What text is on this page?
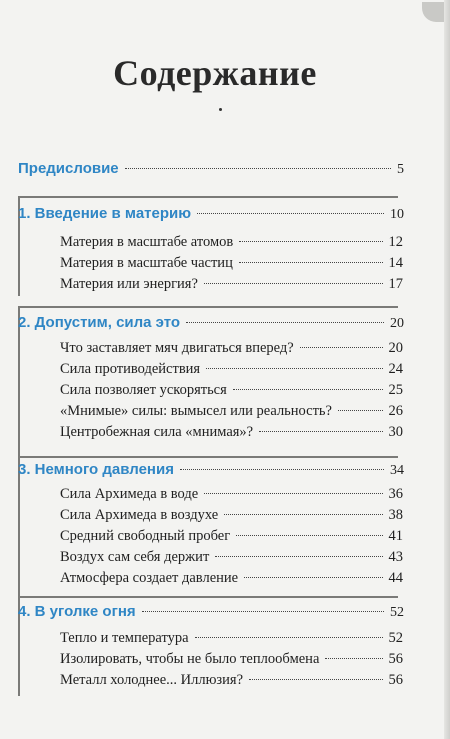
Содержание
Предисловие	5
1. Введение в материю	10
Материя в масштабе атомов	12
Материя в масштабе частиц	14
Материя или энергия?	17
2. Допустим, сила это	20
Что заставляет мяч двигаться вперед?	20
Сила противодействия	24
Сила позволяет ускоряться	25
«Мнимые» силы: вымысел или реальность?	26
Центробежная сила «мнимая»?	30
3. Немного давления	34
Сила Архимеда в воде	36
Сила Архимеда в воздухе	38
Средний свободный пробег	41
Воздух сам себя держит	43
Атмосфера создает давление	44
4. В уголке огня	52
Тепло и температура	52
Изолировать, чтобы не было теплообмена	56
Металл холоднее... Иллюзия?	56
